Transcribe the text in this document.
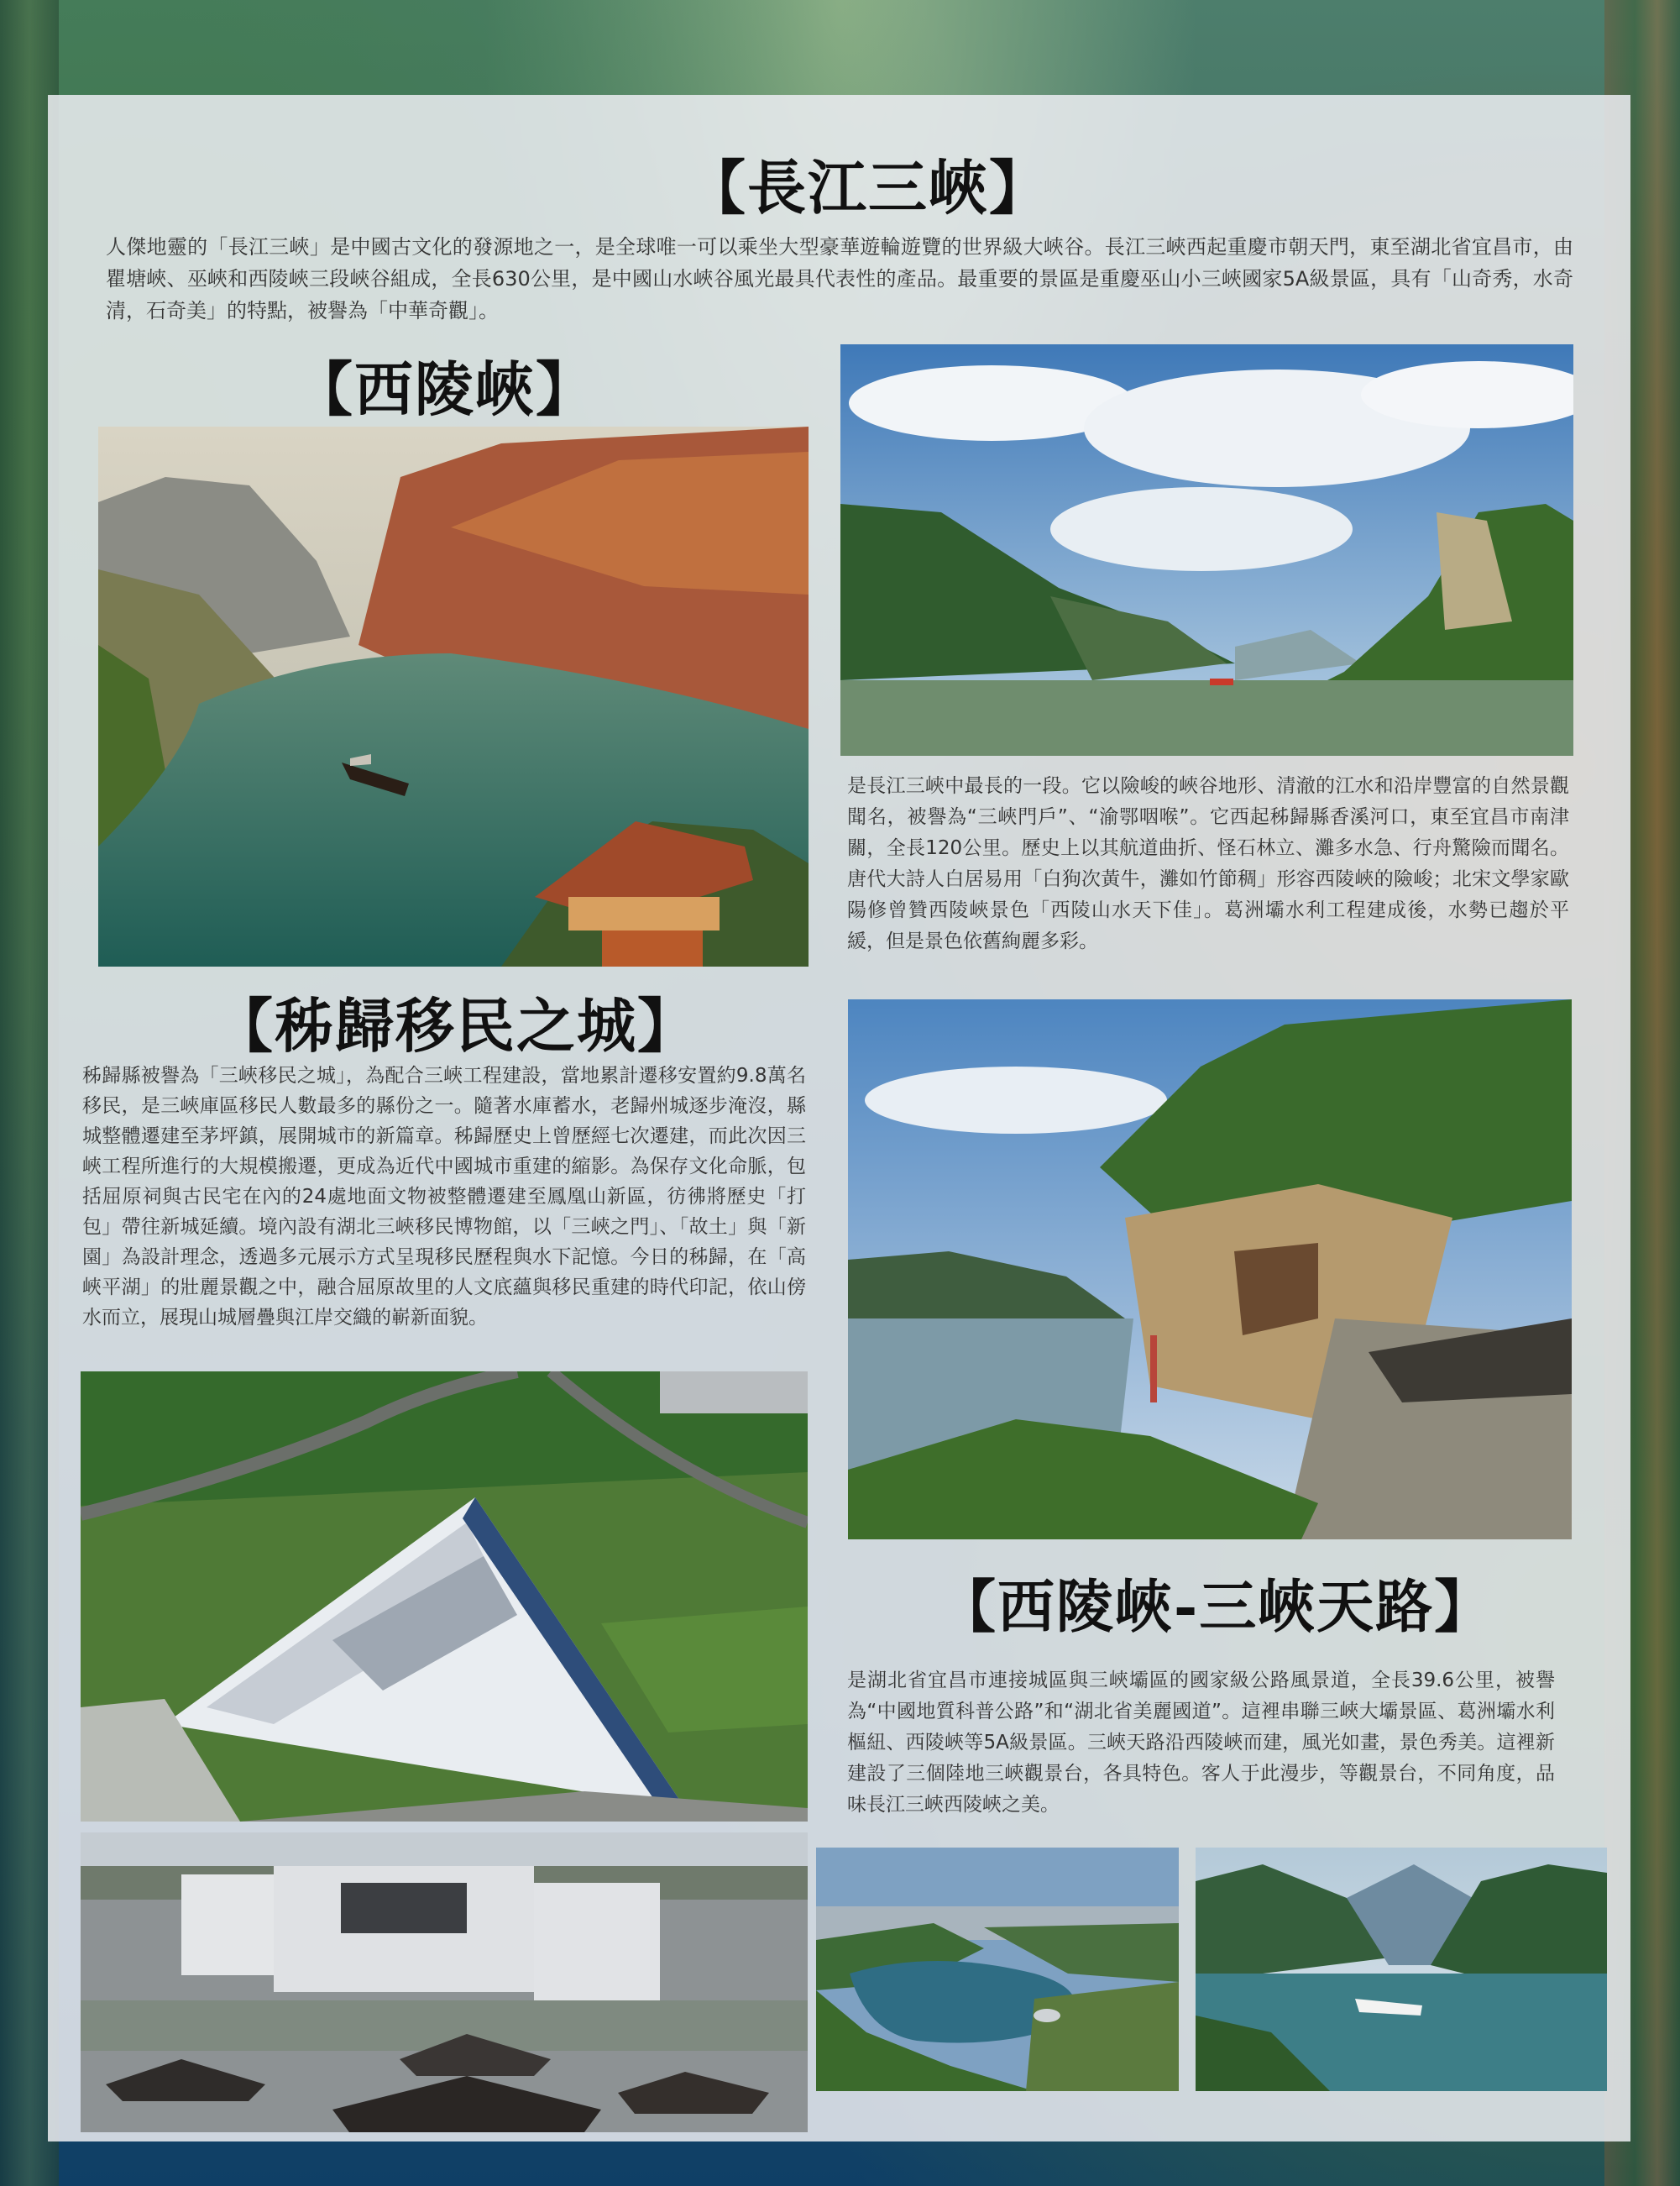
【長江三峽】

人傑地靈的「長江三峽」是中國古文化的發源地之一，是全球唯一可以乘坐大型豪華遊輪遊覽的世界級大峽谷。長江三峽西起重慶市朝天門，東至湖北省宜昌市，由瞿塘峽、巫峽和西陵峽三段峽谷組成，全長630公里，是中國山水峽谷風光最具代表性的產品。最重要的景區是重慶巫山小三峽國家5A級景區，具有「山奇秀，水奇清，石奇美」的特點，被譽為「中華奇觀」。

【西陵峽】

是長江三峽中最長的一段。它以險峻的峽谷地形、清澈的江水和沿岸豐富的自然景觀聞名，被譽為“三峽門戶”、“渝鄂咽喉”。它西起秭歸縣香溪河口，東至宜昌市南津關，全長120公里。歷史上以其航道曲折、怪石林立、灘多水急、行舟驚險而聞名。唐代大詩人白居易用「白狗次黃牛，灘如竹節稠」形容西陵峽的險峻；北宋文學家歐陽修曾贊西陵峽景色「西陵山水天下佳」。葛洲壩水利工程建成後，水勢已趨於平緩，但是景色依舊絢麗多彩。

【秭歸移民之城】

秭歸縣被譽為「三峽移民之城」，為配合三峽工程建設，當地累計遷移安置約9.8萬名移民，是三峽庫區移民人數最多的縣份之一。隨著水庫蓄水，老歸州城逐步淹沒，縣城整體遷建至茅坪鎮，展開城市的新篇章。秭歸歷史上曾歷經七次遷建，而此次因三峽工程所進行的大規模搬遷，更成為近代中國城市重建的縮影。為保存文化命脈，包括屈原祠與古民宅在內的24處地面文物被整體遷建至鳳凰山新區，彷彿將歷史「打包」帶往新城延續。境內設有湖北三峽移民博物館，以「三峽之門」、「故土」與「新園」為設計理念，透過多元展示方式呈現移民歷程與水下記憶。今日的秭歸，在「高峽平湖」的壯麗景觀之中，融合屈原故里的人文底蘊與移民重建的時代印記，依山傍水而立，展現山城層疊與江岸交織的嶄新面貌。

【西陵峽-三峽天路】

是湖北省宜昌市連接城區與三峽壩區的國家級公路風景道，全長39.6公里，被譽為“中國地質科普公路”和“湖北省美麗國道”。這裡串聯三峽大壩景區、葛洲壩水利樞紐、西陵峽等5A級景區。三峽天路沿西陵峽而建，風光如畫，景色秀美。這裡新建設了三個陸地三峽觀景台，各具特色。客人于此漫步，等觀景台，不同角度，品味長江三峽西陵峽之美。
